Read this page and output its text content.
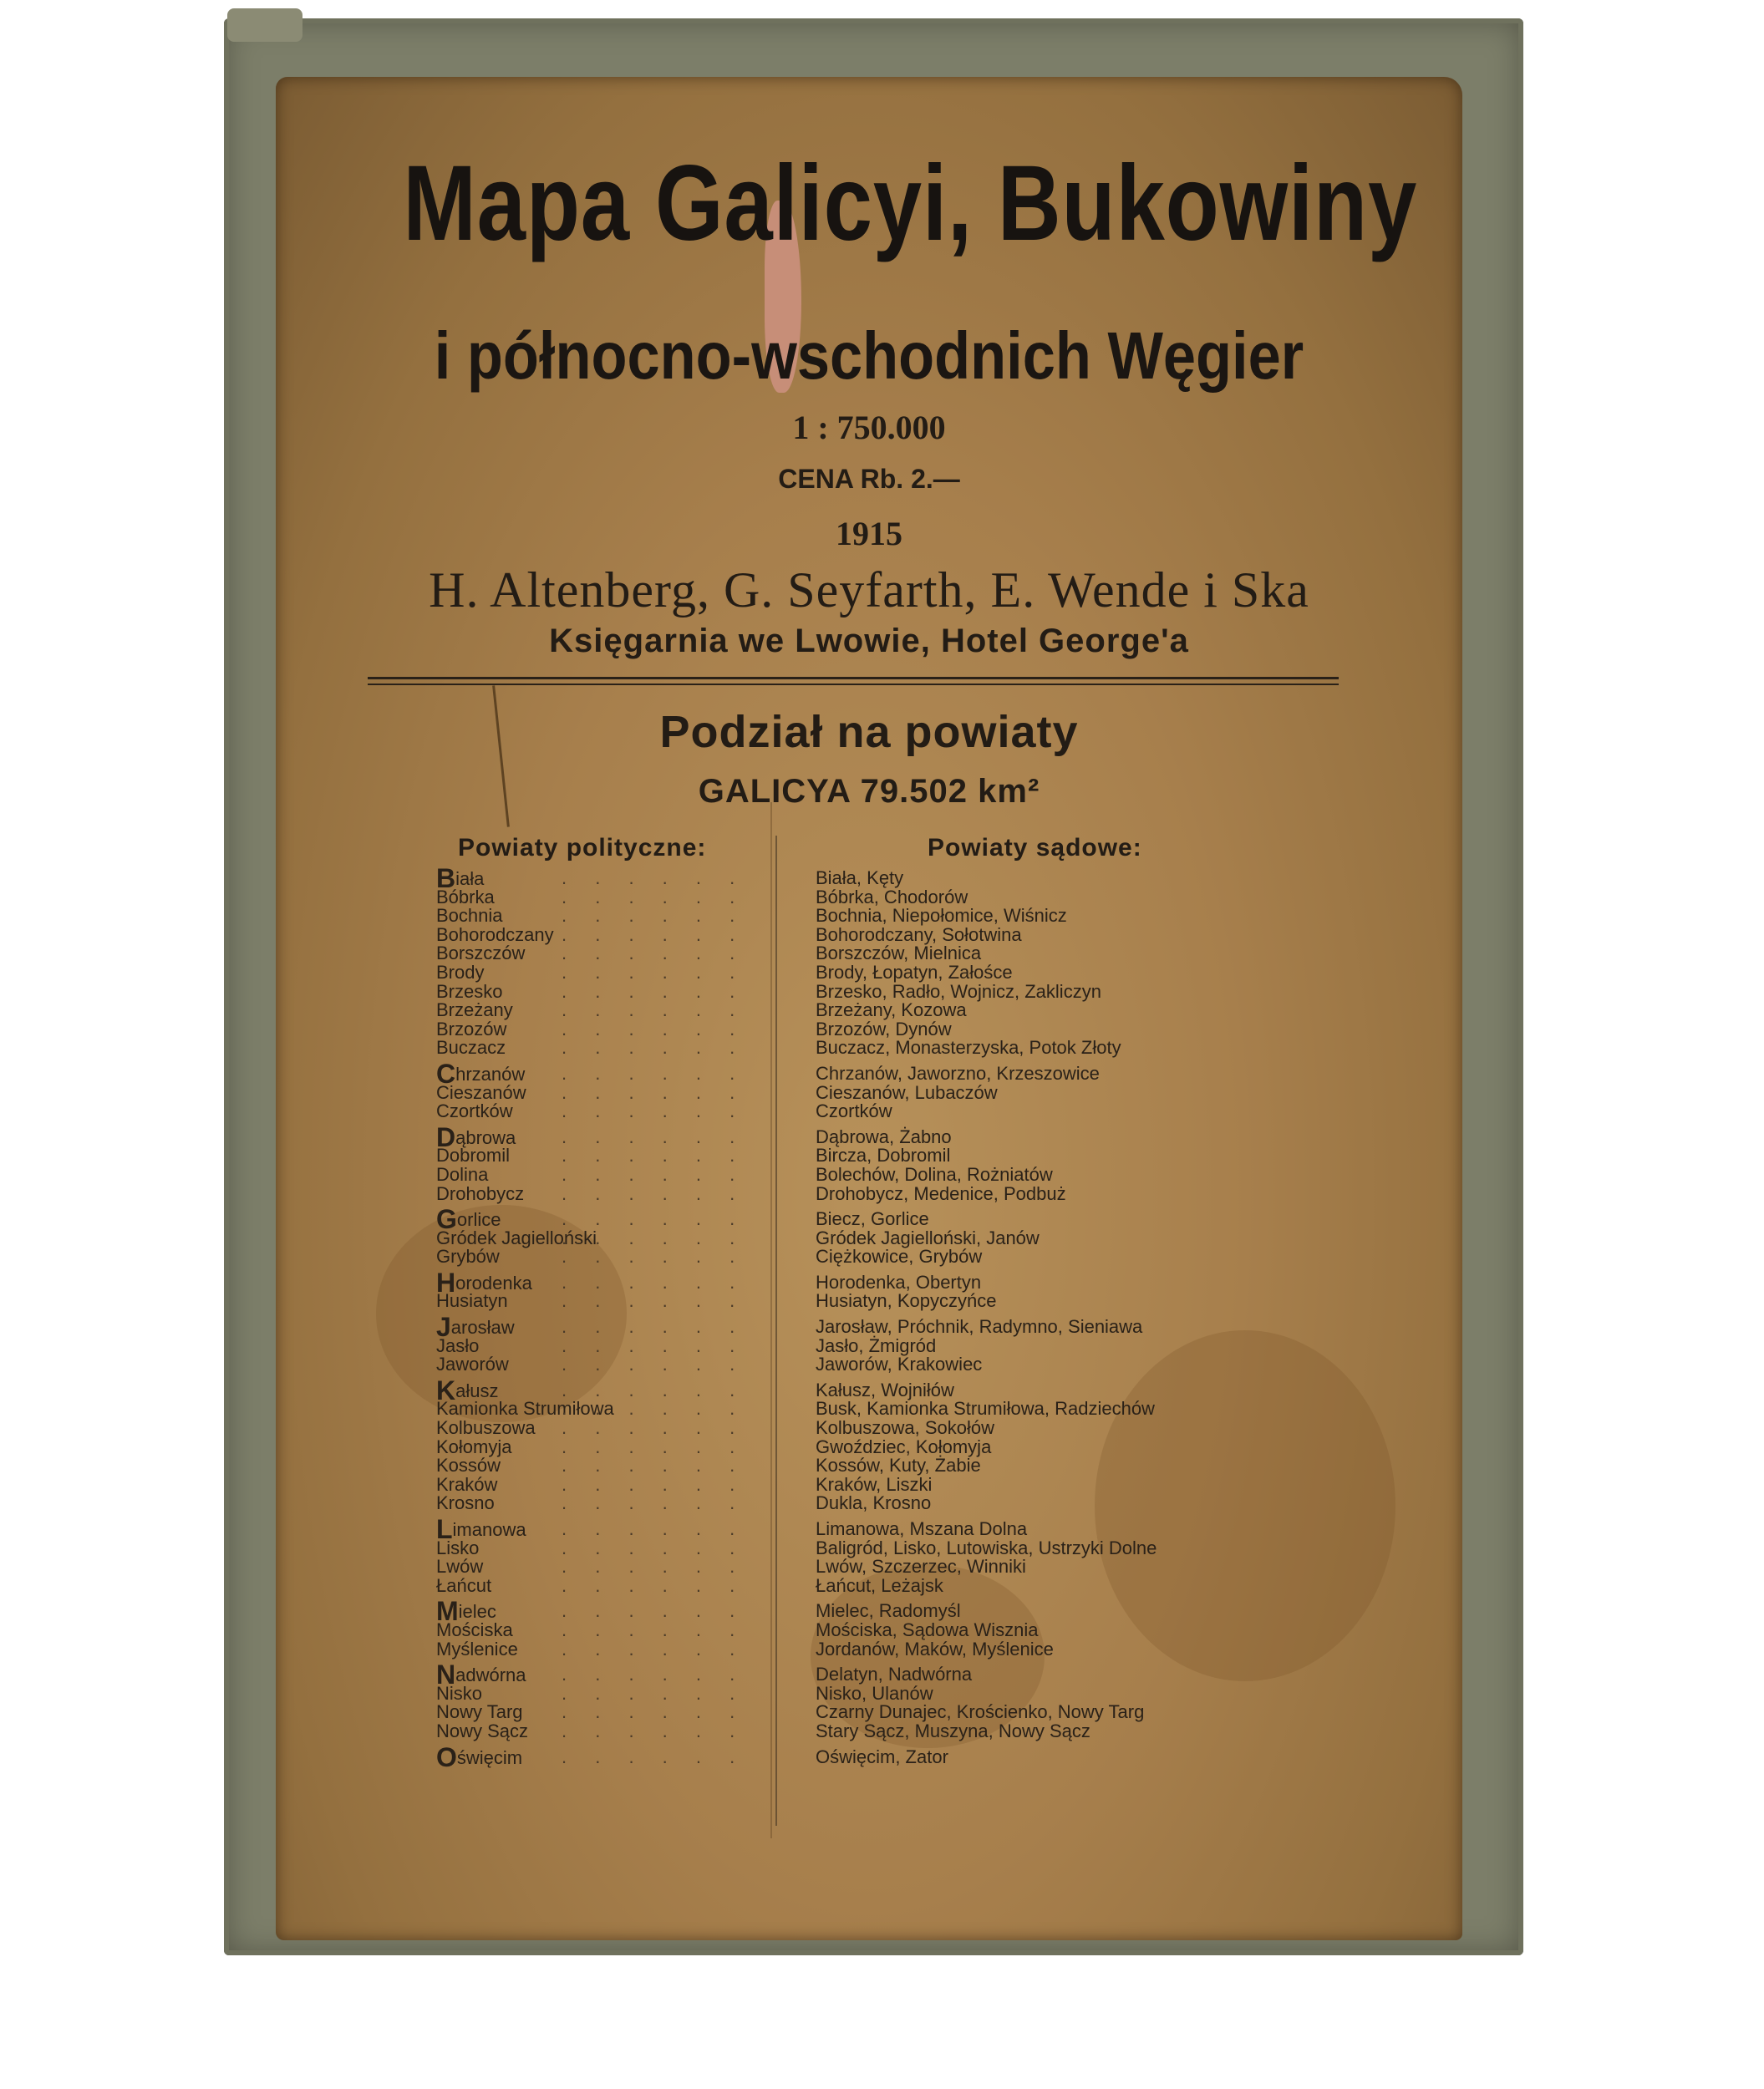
Mapa Galicyi, Bukowiny
i północno-wschodnich Węgier
1 : 750.000
CENA Rb. 2.—
1915
H. Altenberg, G. Seyfarth, E. Wende i Ska
Księgarnia we Lwowie, Hotel George'a
Podział na powiaty
GALICYA 79.502 km²
Powiaty polityczne:	Powiaty sądowe:
Biała . . .
Bóbrka . . .
Bochnia . . .
Bohorodczany . . .
Borszczów . . .
Brody . . .
Brzesko . . .
Brzeżany . . .
Brzozów . . .
Buczacz . . .
Chrzanów . . .
Cieszanów . . .
Czortków . . .
Dąbrowa . . .
Dobromil . . .
Dolina . . .
Drohobycz . . .
Gorlice . . .
Gródek Jagielloński . . .
Grybów . . .
Horodenka . . .
Husiatyn . . .
Jarosław . . .
Jasło . . .
Jaworów . . .
Kałusz . . .
Kamionka Strumiłowa . . .
Kolbuszowa . . .
Kołomyja . . .
Kossów . . .
Kraków . . .
Krosno . . .
Limanowa . . .
Lisko . . .
Lwów . . .
Łańcut . . .
Mielec . . .
Mościska . . .
Myślenice . . .
Nadwórna . . .
Nisko . . .
Nowy Targ . . .
Nowy Sącz . . .
Oświęcim . . .
Biała, Kęty
Bóbrka, Chodorów
Bochnia, Niepołomice, Wiśnicz
Bohorodczany, Sołotwina
Borszczów, Mielnica
Brody, Łopatyn, Załośce
Brzesko, Radło, Wojnicz, Zakliczyn
Brzeżany, Kozowa
Brzozów, Dynów
Buczacz, Monasterzyska, Potok Złoty
Chrzanów, Jaworzno, Krzeszowice
Cieszanów, Lubaczów
Czortków
Dąbrowa, Żabno
Bircza, Dobromil
Bolechów, Dolina, Rożniatów
Drohobycz, Medenice, Podbuż
Biecz, Gorlice
Gródek Jagielloński, Janów
Ciężkowice, Grybów
Horodenka, Obertyn
Husiatyn, Kopyczyńce
Jarosław, Próchnik, Radymno, Sieniawa
Jasło, Żmigród
Jaworów, Krakowiec
Kałusz, Wojniłów
Busk, Kamionka Strumiłowa, Radziechów
Kolbuszowa, Sokołów
Gwoździec, Kołomyja
Kossów, Kuty, Żabie
Kraków, Liszki
Dukla, Krosno
Limanowa, Mszana Dolna
Baligród, Lisko, Lutowiska, Ustrzyki Dolne
Lwów, Szczerzec, Winniki
Łańcut, Leżajsk
Mielec, Radomyśl
Mościska, Sądowa Wisznia
Jordanów, Maków, Myślenice
Delatyn, Nadwórna
Nisko, Ulanów
Czarny Dunajec, Krościenko, Nowy Targ
Stary Sącz, Muszyna, Nowy Sącz
Oświęcim, Zator
